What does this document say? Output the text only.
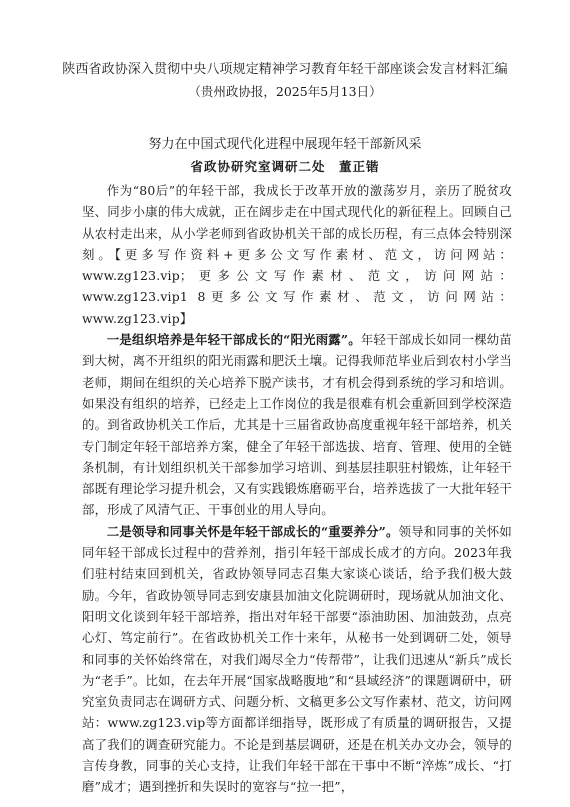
陕西省政协深入贯彻中央八项规定精神学习教育年轻干部座谈会发言材料汇编

（贵州政协报，2025年5月13日）

努力在中国式现代化进程中展现年轻干部新风采

省政协研究室调研二处　董正锴

作为“80后”的年轻干部，我成长于改革开放的激荡岁月，亲历了脱贫攻坚、同步小康的伟大成就，正在阔步走在中国式现代化的新征程上。回顾自己从农村走出来，从小学老师到省政协机关干部的成长历程，有三点体会特别深刻。【更多写作资料+更多公文写作素材、范文，访问网站：www.zg123.vip；更多公文写作素材、范文，访问网站：www.zg123.vip1 8更多公文写作素材、范文，访问网站：www.zg123.vip】

一是组织培养是年轻干部成长的“阳光雨露”。年轻干部成长如同一棵幼苗到大树，离不开组织的阳光雨露和肥沃土壤。记得我师范毕业后到农村小学当老师，期间在组织的关心培养下脱产读书，才有机会得到系统的学习和培训。如果没有组织的培养，已经走上工作岗位的我是很难有机会重新回到学校深造的。到省政协机关工作后，尤其是十三届省政协高度重视年轻干部培养，机关专门制定年轻干部培养方案，健全了年轻干部选拔、培育、管理、使用的全链条机制，有计划组织机关干部参加学习培训、到基层挂职驻村锻炼，让年轻干部既有理论学习提升机会，又有实践锻炼磨砺平台，培养选拔了一大批年轻干部，形成了风清气正、干事创业的用人导向。

二是领导和同事关怀是年轻干部成长的“重要养分”。领导和同事的关怀如同年轻干部成长过程中的营养剂，指引年轻干部成长成才的方向。2023年我们驻村结束回到机关，省政协领导同志召集大家谈心谈话，给予我们极大鼓励。今年，省政协领导同志到安康县加油文化院调研时，现场就从加油文化、阳明文化谈到年轻干部培养，指出对年轻干部要“添油助困、加油鼓劲，点亮心灯、笃定前行”。在省政协机关工作十来年，从秘书一处到调研二处，领导和同事的关怀始终常在，对我们竭尽全力“传帮带”，让我们迅速从“新兵”成长为“老手”。比如，在去年开展“国家战略腹地”和“县域经济”的课题调研中，研究室负责同志在调研方式、问题分析、文稿更多公文写作素材、范文，访问网站：www.zg123.vip等方面都详细指导，既形成了有质量的调研报告，又提高了我们的调查研究能力。不论是到基层调研，还是在机关办文办会，领导的言传身教，同事的关心支持，让我们年轻干部在干事中不断“淬炼”成长、“打磨”成才；遇到挫折和失误时的宽容与“拉一把”，
